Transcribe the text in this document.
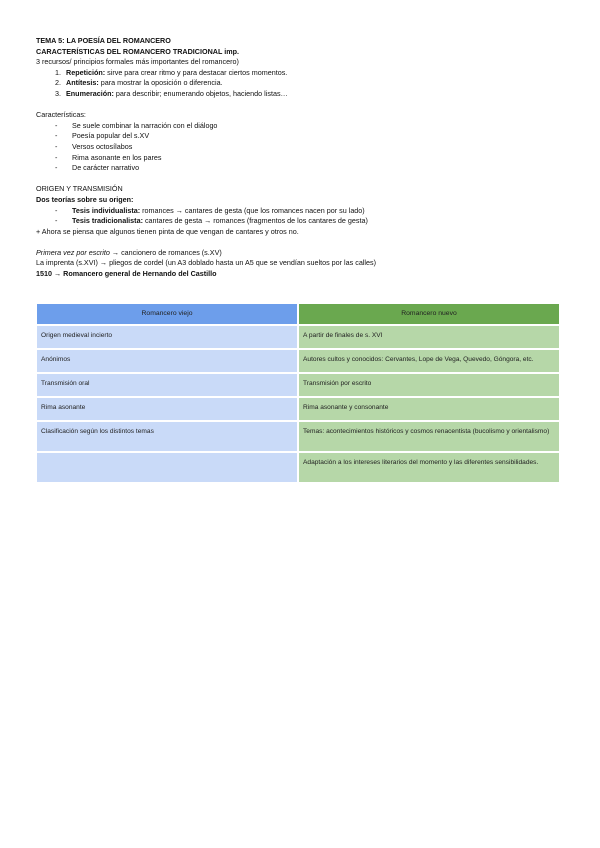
TEMA 5: LA POESÍA DEL ROMANCERO
CARACTERÍSTICAS DEL ROMANCERO TRADICIONAL imp.
3 recursos/ principios formales más importantes del romancero)
1. Repetición: sirve para crear ritmo y para destacar ciertos momentos.
2. Antítesis: para mostrar la oposición o diferencia.
3. Enumeración: para describir; enumerando objetos, haciendo listas…
Características:
- Se suele combinar la narración con el diálogo
- Poesía popular del s.XV
- Versos octosílabos
- Rima asonante en los pares
- De carácter narrativo
ORIGEN Y TRANSMISIÓN
Dos teorías sobre su origen:
- Tesis individualista: romances → cantares de gesta (que los romances nacen por su lado)
- Tesis tradicionalista: cantares de gesta → romances (fragmentos de los cantares de gesta)
+ Ahora se piensa que algunos tienen pinta de que vengan de cantares y otros no.
Primera vez por escrito → cancionero de romances (s.XV)
La imprenta (s.XVI) → pliegos de cordel (un A3 doblado hasta un A5 que se vendían sueltos por las calles)
1510 → Romancero general de Hernando del Castillo
Romancero viejo	Romancero nuevo

Origen medieval incierto	A partir de finales de s. XVI

Anónimos	Autores cultos y conocidos: Cervantes, Lope de Vega, Quevedo, Góngora, etc.

Transmisión oral	Transmisión por escrito

Rima asonante	Rima asonante y consonante

Clasificación según los distintos temas	Temas: acontecimientos históricos y cosmos renacentista (bucolismo y orientalismo)

	Adaptación a los intereses literarios del momento y las diferentes sensibilidades.
